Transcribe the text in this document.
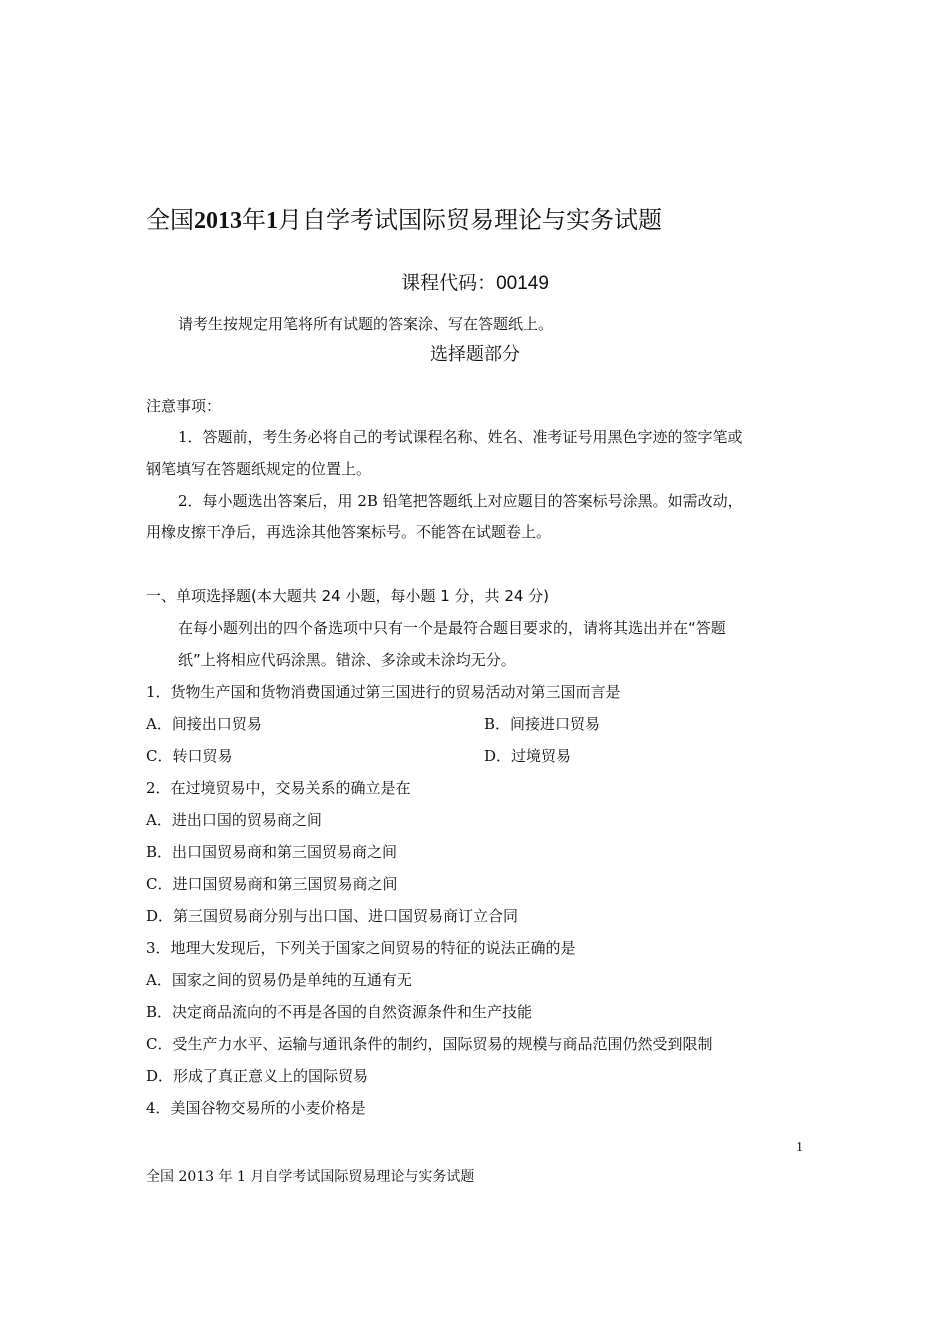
全国2013年1月自学考试国际贸易理论与实务试题
课程代码：00149
请考生按规定用笔将所有试题的答案涂、写在答题纸上。
选择题部分
注意事项：
1．答题前，考生务必将自己的考试课程名称、姓名、准考证号用黑色字迹的签字笔或
钢笔填写在答题纸规定的位置上。
2．每小题选出答案后，用 2B 铅笔把答题纸上对应题目的答案标号涂黑。如需改动，
用橡皮擦干净后，再选涂其他答案标号。不能答在试题卷上。
一、单项选择题(本大题共 24 小题，每小题 1 分，共 24 分)
在每小题列出的四个备选项中只有一个是最符合题目要求的，请将其选出并在“答题
纸”上将相应代码涂黑。错涂、多涂或未涂均无分。
1．货物生产国和货物消费国通过第三国进行的贸易活动对第三国而言是
A．间接出口贸易	B．间接进口贸易
C．转口贸易	D．过境贸易
2．在过境贸易中，交易关系的确立是在
A．进出口国的贸易商之间
B．出口国贸易商和第三国贸易商之间
C．进口国贸易商和第三国贸易商之间
D．第三国贸易商分别与出口国、进口国贸易商订立合同
3．地理大发现后，下列关于国家之间贸易的特征的说法正确的是
A．国家之间的贸易仍是单纯的互通有无
B．决定商品流向的不再是各国的自然资源条件和生产技能
C．受生产力水平、运输与通讯条件的制约，国际贸易的规模与商品范围仍然受到限制
D．形成了真正意义上的国际贸易
4．美国谷物交易所的小麦价格是
1
全国 2013 年 1 月自学考试国际贸易理论与实务试题
